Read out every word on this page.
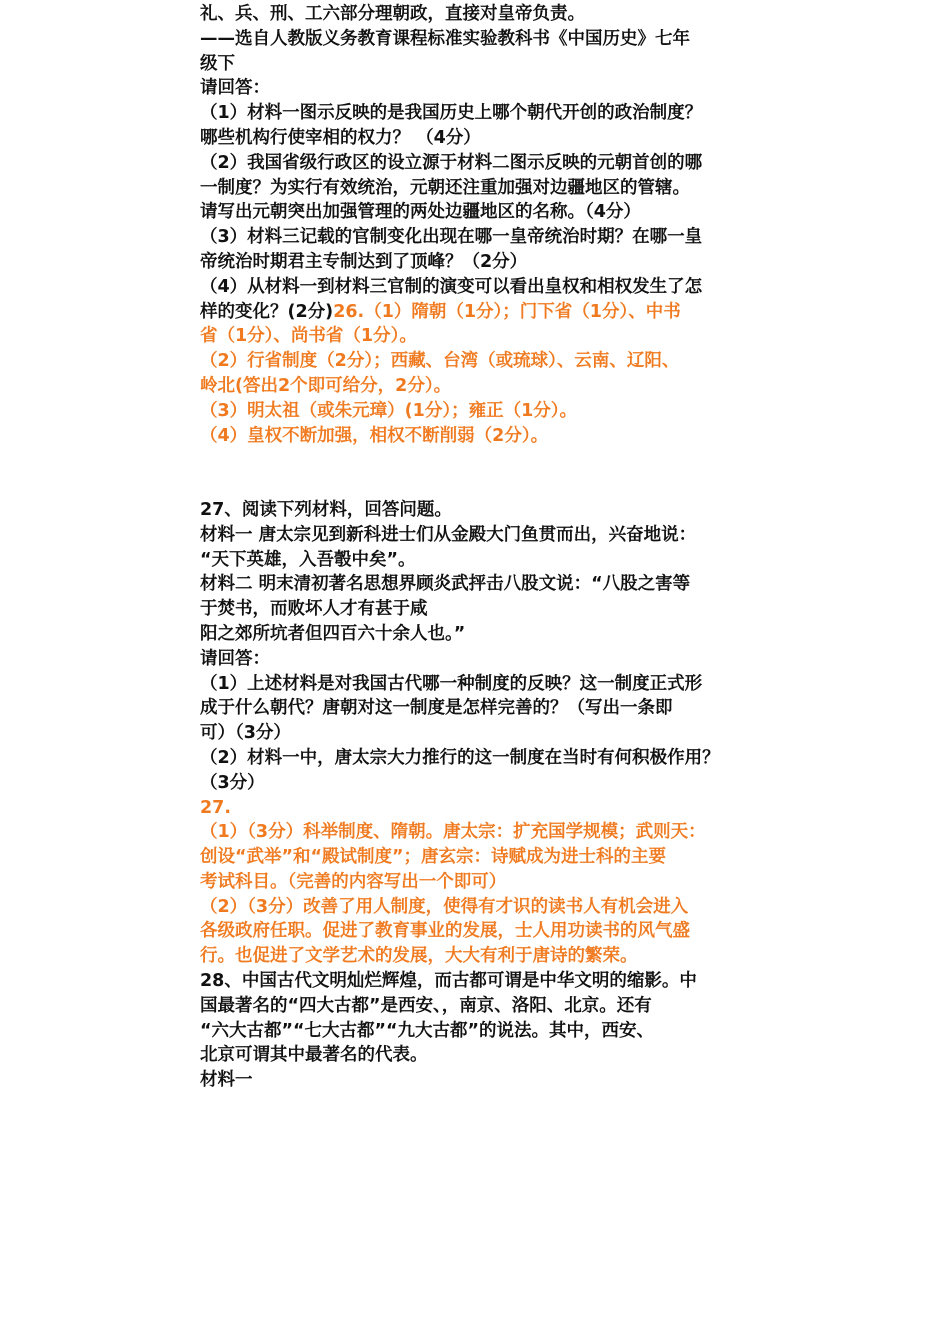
礼、兵、刑、工六部分理朝政，直接对皇帝负责。
——选自人教版义务教育课程标准实验教科书《中国历史》七年
级下
请回答：
（1）材料一图示反映的是我国历史上哪个朝代开创的政治制度？
哪些机构行使宰相的权力？ （4分）
（2）我国省级行政区的设立源于材料二图示反映的元朝首创的哪
一制度？为实行有效统治，元朝还注重加强对边疆地区的管辖。
请写出元朝突出加强管理的两处边疆地区的名称。（4分）
（3）材料三记载的官制变化出现在哪一皇帝统治时期？在哪一皇
帝统治时期君主专制达到了顶峰？（2分）
（4）从材料一到材料三官制的演变可以看出皇权和相权发生了怎
样的变化？(2分)26.（1）隋朝（1分）；门下省（1分）、中书
省（1分）、尚书省（1分）。
（2）行省制度（2分）；西藏、台湾（或琉球）、云南、辽阳、
岭北(答出2个即可给分，2分）。
（3）明太祖（或朱元璋）(1分）；雍正（1分）。
（4）皇权不断加强，相权不断削弱（2分）。
27、阅读下列材料，回答问题。
材料一 唐太宗见到新科进士们从金殿大门鱼贯而出，兴奋地说：
“天下英雄，入吾彀中矣”。
材料二 明末清初著名思想界顾炎武抨击八股文说：“八股之害等
于焚书，而败坏人才有甚于咸
阳之郊所坑者但四百六十余人也。”
请回答：
（1）上述材料是对我国古代哪一种制度的反映？这一制度正式形
成于什么朝代？唐朝对这一制度是怎样完善的？（写出一条即
可）（3分）
（2）材料一中，唐太宗大力推行的这一制度在当时有何积极作用？
（3分）
27.
（1）（3分）科举制度、隋朝。唐太宗：扩充国学规模；武则天：
创设“武举”和“殿试制度”；唐玄宗：诗赋成为进士科的主要
考试科目。（完善的内容写出一个即可）
（2）（3分）改善了用人制度，使得有才识的读书人有机会进入
各级政府任职。促进了教育事业的发展，士人用功读书的风气盛
行。也促进了文学艺术的发展，大大有利于唐诗的繁荣。
28、中国古代文明灿烂辉煌，而古都可谓是中华文明的缩影。中
国最著名的“四大古都”是西安、，南京、洛阳、北京。还有
“六大古都”“七大古都”“九大古都”的说法。其中，西安、
北京可谓其中最著名的代表。
材料一
